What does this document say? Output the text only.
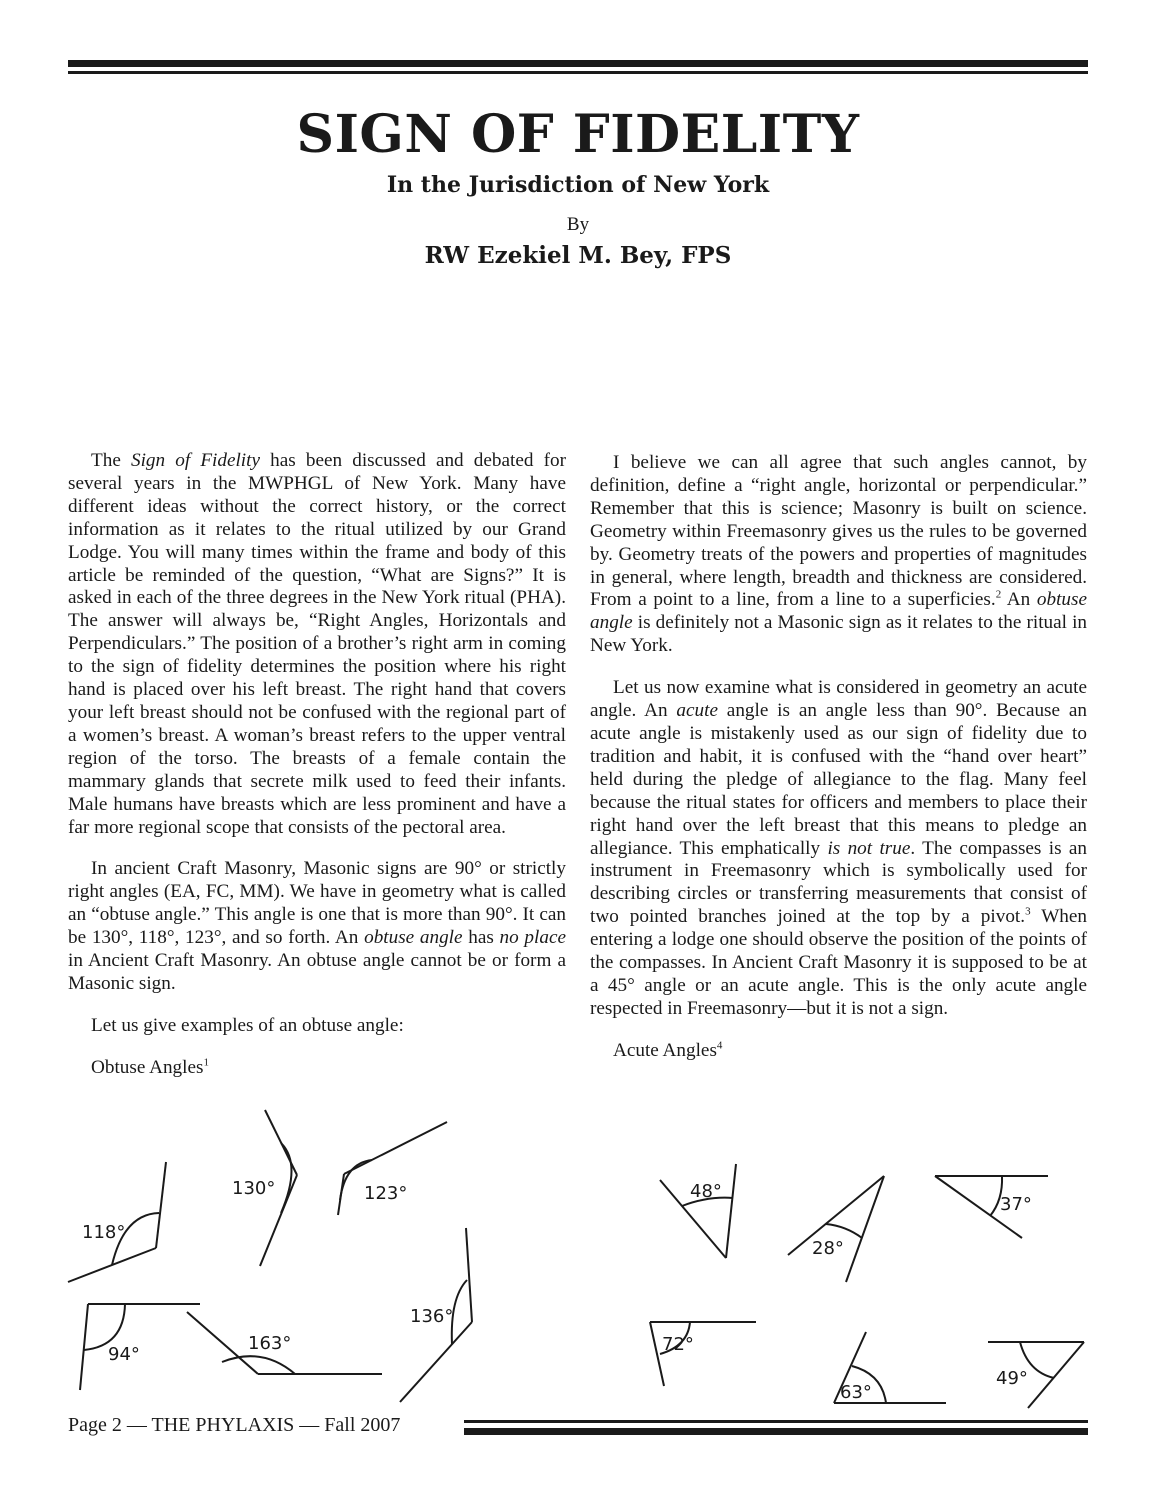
SIGN OF FIDELITY
In the Jurisdiction of New York
By
RW Ezekiel M. Bey, FPS

The Sign of Fidelity has been discussed and debated for several years in the MWPHGL of New York. Many have different ideas without the correct history, or the correct information as it relates to the ritual utilized by our Grand Lodge. You will many times within the frame and body of this article be reminded of the question, “What are Signs?” It is asked in each of the three degrees in the New York ritual (PHA). The answer will always be, “Right Angles, Horizontals and Perpendiculars.” The position of a brother’s right arm in coming to the sign of fidelity determines the position where his right hand is placed over his left breast. The right hand that covers your left breast should not be confused with the regional part of a women’s breast. A woman’s breast refers to the upper ventral region of the torso. The breasts of a female contain the mammary glands that secrete milk used to feed their infants. Male humans have breasts which are less prominent and have a far more regional scope that consists of the pectoral area.

In ancient Craft Masonry, Masonic signs are 90° or strictly right angles (EA, FC, MM). We have in geometry what is called an “obtuse angle.” This angle is one that is more than 90°. It can be 130°, 118°, 123°, and so forth. An obtuse angle has no place in Ancient Craft Masonry. An obtuse angle cannot be or form a Masonic sign.

Let us give examples of an obtuse angle:

Obtuse Angles$^1$

I believe we can all agree that such angles cannot, by definition, define a “right angle, horizontal or perpendicular.” Remember that this is science; Masonry is built on science. Geometry within Freemasonry gives us the rules to be governed by. Geometry treats of the powers and properties of magnitudes in general, where length, breadth and thickness are considered. From a point to a line, from a line to a superficies.$^2$ An obtuse angle is definitely not a Masonic sign as it relates to the ritual in New York.

Let us now examine what is considered in geometry an acute angle. An acute angle is an angle less than 90°. Because an acute angle is mistakenly used as our sign of fidelity due to tradition and habit, it is confused with the “hand over heart” held during the pledge of allegiance to the flag. Many feel because the ritual states for officers and members to place their right hand over the left breast that this means to pledge an allegiance. This emphatically is not true. The compasses is an instrument in Freemasonry which is symbolically used for describing circles or transferring measurements that consist of two pointed branches joined at the top by a pivot.$^3$ When entering a lodge one should observe the position of the points of the compasses. In Ancient Craft Masonry it is supposed to be at a 45° angle or an acute angle. This is the only acute angle respected in Freemasonry—but it is not a sign.

Acute Angles$^4$

118°
130°	123°
94°
163°
136°
48°
28°
37°
72°
63°
49°
Page 2 — THE PHYLAXIS — Fall 2007
